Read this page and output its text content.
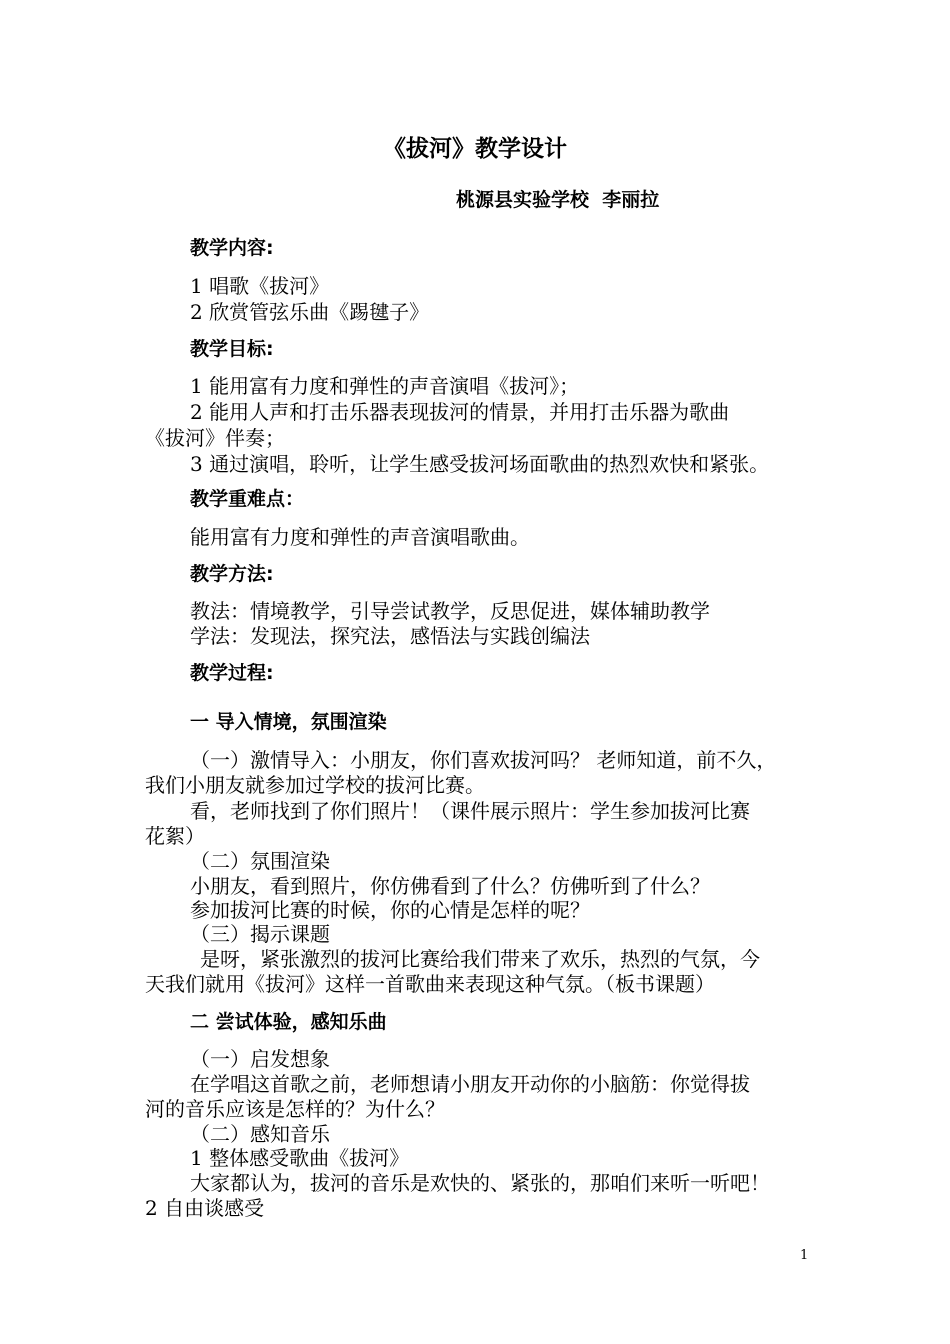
《拔河》教学设计
桃源县实验学校  李丽拉
教学内容:
1 唱歌《拔河》
2 欣赏管弦乐曲《踢毽子》
教学目标:
1 能用富有力度和弹性的声音演唱《拔河》；
2 能用人声和打击乐器表现拔河的情景，并用打击乐器为歌曲
《拔河》伴奏；
3 通过演唱，聆听，让学生感受拔河场面歌曲的热烈欢快和紧张。
教学重难点：
能用富有力度和弹性的声音演唱歌曲。
教学方法:
教法：情境教学，引导尝试教学，反思促进，媒体辅助教学
学法：发现法，探究法，感悟法与实践创编法
教学过程:
一 导入情境，氛围渲染
（一）激情导入：小朋友，你们喜欢拔河吗？ 老师知道，前不久，
我们小朋友就参加过学校的拔河比赛。
看，老师找到了你们照片！（课件展示照片：学生参加拔河比赛
花絮）
（二）氛围渲染
小朋友，看到照片，你仿佛看到了什么？仿佛听到了什么？
参加拔河比赛的时候，你的心情是怎样的呢？
（三）揭示课题
是呀，紧张激烈的拔河比赛给我们带来了欢乐，热烈的气氛，今
天我们就用《拔河》这样一首歌曲来表现这种气氛。（板书课题）
二 尝试体验，感知乐曲
（一）启发想象
在学唱这首歌之前，老师想请小朋友开动你的小脑筋：你觉得拔
河的音乐应该是怎样的？为什么？
（二）感知音乐
1 整体感受歌曲《拔河》
大家都认为，拔河的音乐是欢快的、紧张的，那咱们来听一听吧！
2 自由谈感受
1
